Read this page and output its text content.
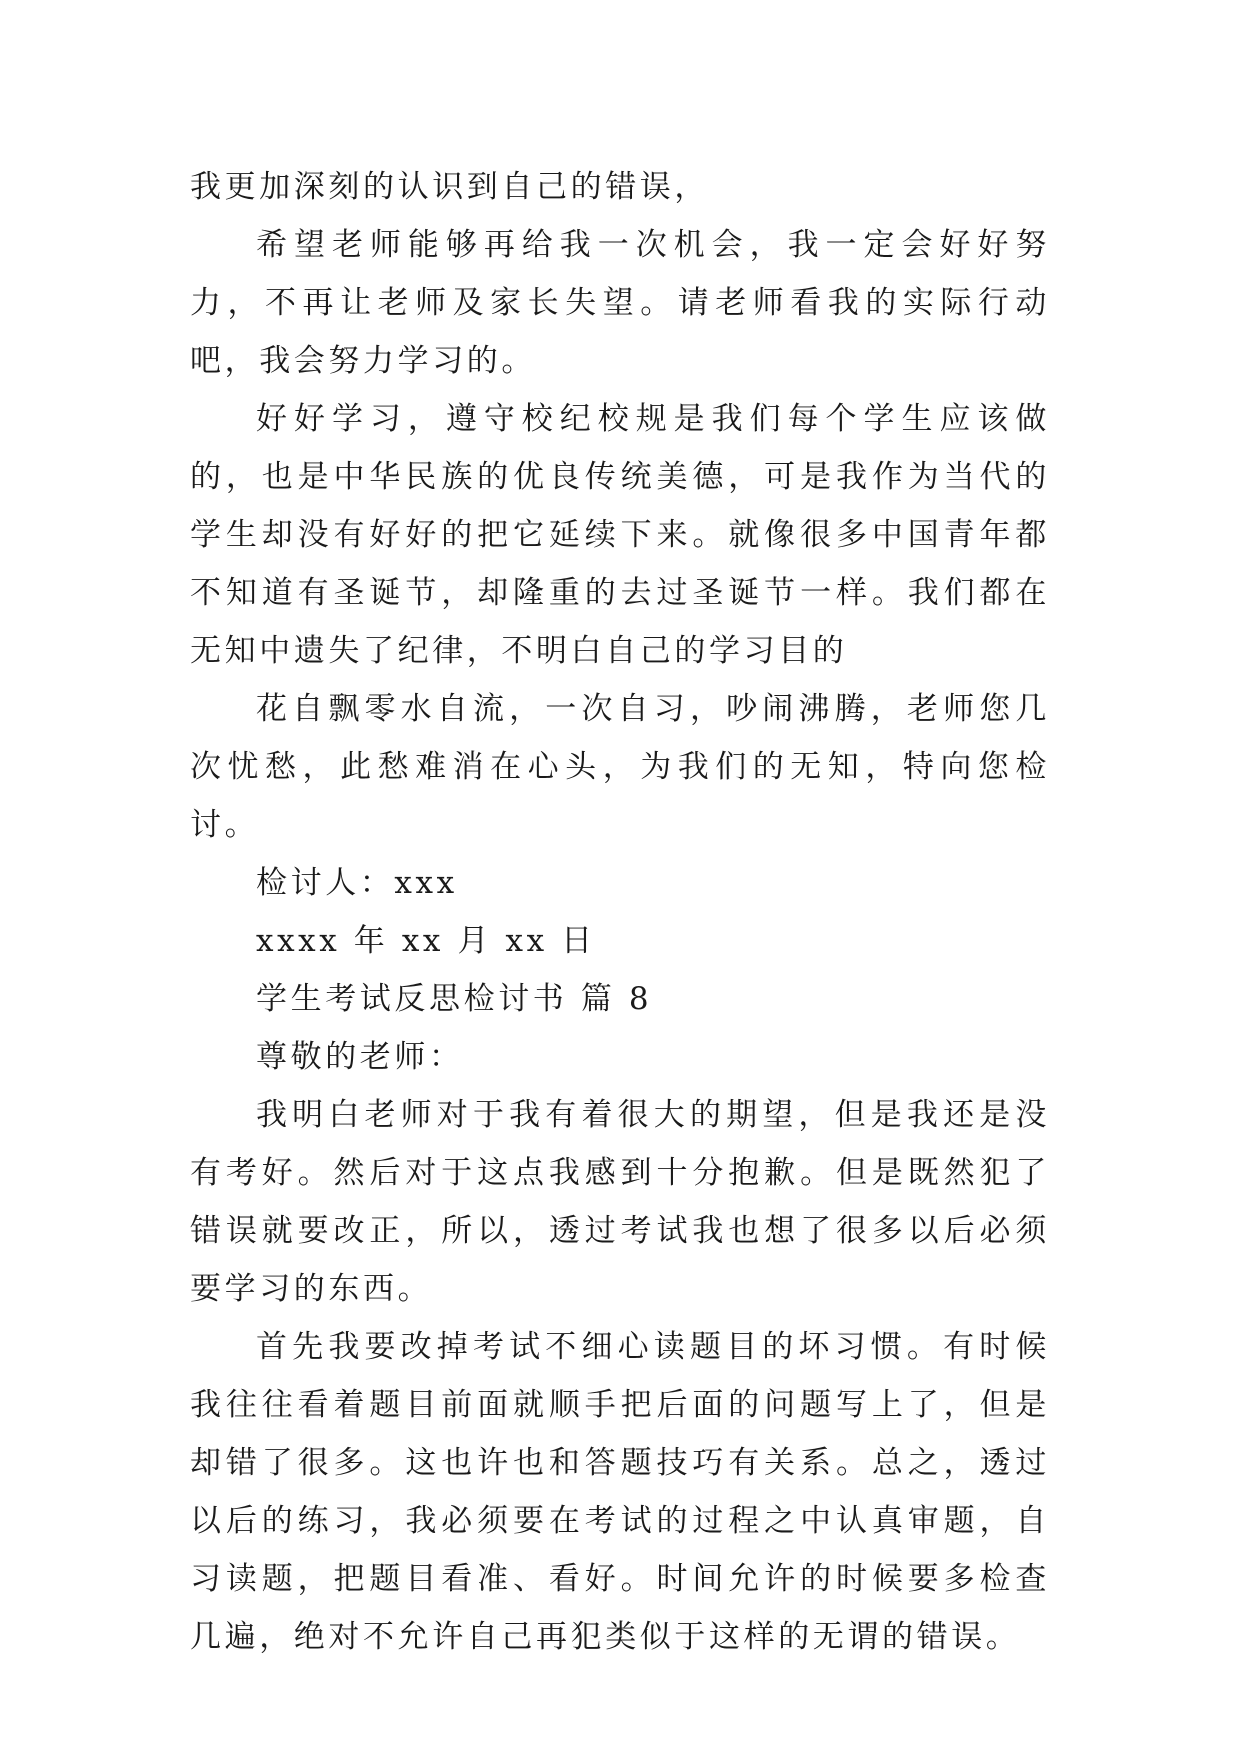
我更加深刻的认识到自己的错误，

希望老师能够再给我一次机会，我一定会好好努力，不再让老师及家长失望。请老师看我的实际行动吧，我会努力学习的。

好好学习，遵守校纪校规是我们每个学生应该做的，也是中华民族的优良传统美德，可是我作为当代的学生却没有好好的把它延续下来。就像很多中国青年都不知道有圣诞节，却隆重的去过圣诞节一样。我们都在无知中遗失了纪律，不明白自己的学习目的

花自飘零水自流，一次自习，吵闹沸腾，老师您几次忧愁，此愁难消在心头，为我们的无知，特向您检讨。

检讨人：xxx

xxxx 年 xx 月 xx 日

学生考试反思检讨书 篇 8

尊敬的老师：

我明白老师对于我有着很大的期望，但是我还是没有考好。然后对于这点我感到十分抱歉。但是既然犯了错误就要改正，所以，透过考试我也想了很多以后必须要学习的东西。

首先我要改掉考试不细心读题目的坏习惯。有时候我往往看着题目前面就顺手把后面的问题写上了，但是却错了很多。这也许也和答题技巧有关系。总之，透过以后的练习，我必须要在考试的过程之中认真审题，自习读题，把题目看准、看好。时间允许的时候要多检查几遍，绝对不允许自己再犯类似于这样的无谓的错误。
